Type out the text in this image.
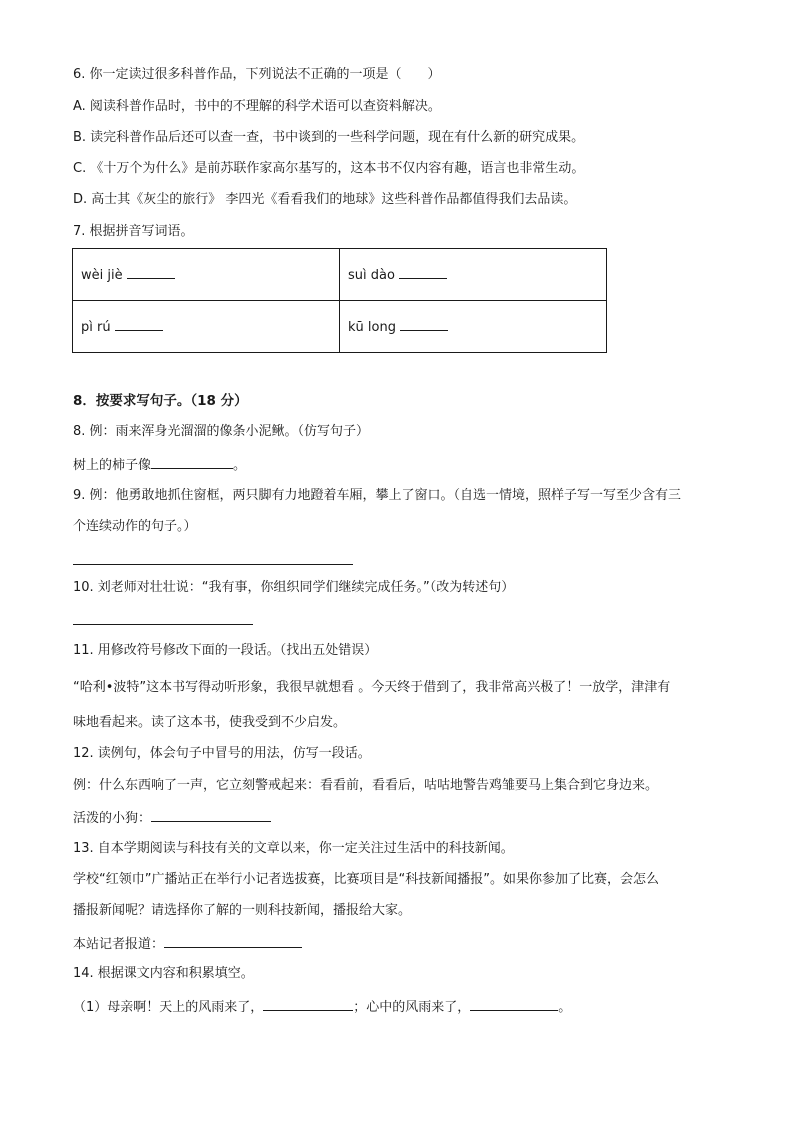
6. 你一定读过很多科普作品，下列说法不正确的一项是（　　）
A. 阅读科普作品时，书中的不理解的科学术语可以查资料解决。
B. 读完科普作品后还可以查一查，书中谈到的一些科学问题，现在有什么新的研究成果。
C. 《十万个为什么》是前苏联作家高尔基写的，这本书不仅内容有趣，语言也非常生动。
D. 高士其《灰尘的旅行》 李四光《看看我们的地球》这些科普作品都值得我们去品读。
7. 根据拼音写词语。
wèi jiè	suì dào
pì rú	kū long
8．按要求写句子。（18 分）
8. 例：雨来浑身光溜溜的像条小泥鳅。（仿写句子）
树上的柿子像	。
9. 例：他勇敢地抓住窗框，两只脚有力地蹬着车厢，攀上了窗口。（自选一情境，照样子写一写至少含有三
个连续动作的句子。）
10. 刘老师对壮壮说：“我有事，你组织同学们继续完成任务。”（改为转述句）
11. 用修改符号修改下面的一段话。（找出五处错误）
“哈利•波特”这本书写得动听形象，我很早就想看 。今天终于借到了，我非常高兴极了！一放学，津津有
味地看起来。读了这本书，使我受到不少启发。
12. 读例句，体会句子中冒号的用法，仿写一段话。
例：什么东西响了一声，它立刻警戒起来：看看前，看看后，咕咕地警告鸡雏要马上集合到它身边来。
活泼的小狗：
13. 自本学期阅读与科技有关的文章以来，你一定关注过生活中的科技新闻。
学校“红领巾”广播站正在举行小记者选拔赛，比赛项目是“科技新闻播报”。如果你参加了比赛，会怎么
播报新闻呢？请选择你了解的一则科技新闻，播报给大家。
本站记者报道：
14. 根据课文内容和积累填空。
（1）母亲啊！天上的风雨来了，	；心中的风雨来了，	。
